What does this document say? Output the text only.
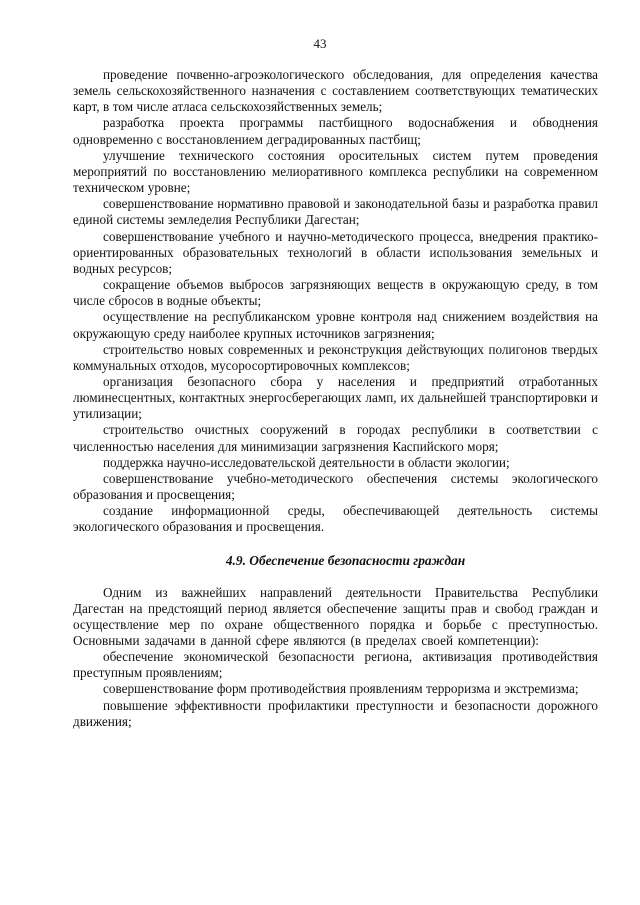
43

проведение почвенно-агроэкологического обследования, для определения качества земель сельскохозяйственного назначения с составлением соответствующих тематических карт, в том числе атласа сельскохозяйственных земель;

разработка проекта программы пастбищного водоснабжения и обводнения одновременно с восстановлением деградированных пастбищ;

улучшение технического состояния оросительных систем путем проведения мероприятий по восстановлению мелиоративного комплекса республики на современном техническом уровне;

совершенствование нормативно правовой и законодательной базы и разработка правил единой системы земледелия Республики Дагестан;

совершенствование учебного и научно-методического процесса, внедрения практико-ориентированных образовательных технологий в области использования земельных и водных ресурсов;

сокращение объемов выбросов загрязняющих веществ в окружающую среду, в том числе сбросов в водные объекты;

осуществление на республиканском уровне контроля над снижением воздействия на окружающую среду наиболее крупных источников загрязнения;

строительство новых современных и реконструкция действующих полигонов твердых коммунальных отходов, мусоросортировочных комплексов;

организация безопасного сбора у населения и предприятий отработанных люминесцентных, контактных энергосберегающих ламп, их дальнейшей транспортировки и утилизации;

строительство очистных сооружений в городах республики в соответствии с численностью населения для минимизации загрязнения Каспийского моря;

поддержка научно-исследовательской деятельности в области экологии;

совершенствование учебно-методического обеспечения системы экологического образования и просвещения;

создание информационной среды, обеспечивающей деятельность системы экологического образования и просвещения.

4.9. Обеспечение безопасности граждан

Одним из важнейших направлений деятельности Правительства Республики Дагестан на предстоящий период является обеспечение защиты прав и свобод граждан и осуществление мер по охране общественного порядка и борьбе с преступностью. Основными задачами в данной сфере являются (в пределах своей компетенции):

обеспечение экономической безопасности региона, активизация противодействия преступным проявлениям;

совершенствование форм противодействия проявлениям терроризма и экстремизма;

повышение эффективности профилактики преступности и безопасности дорожного движения;
